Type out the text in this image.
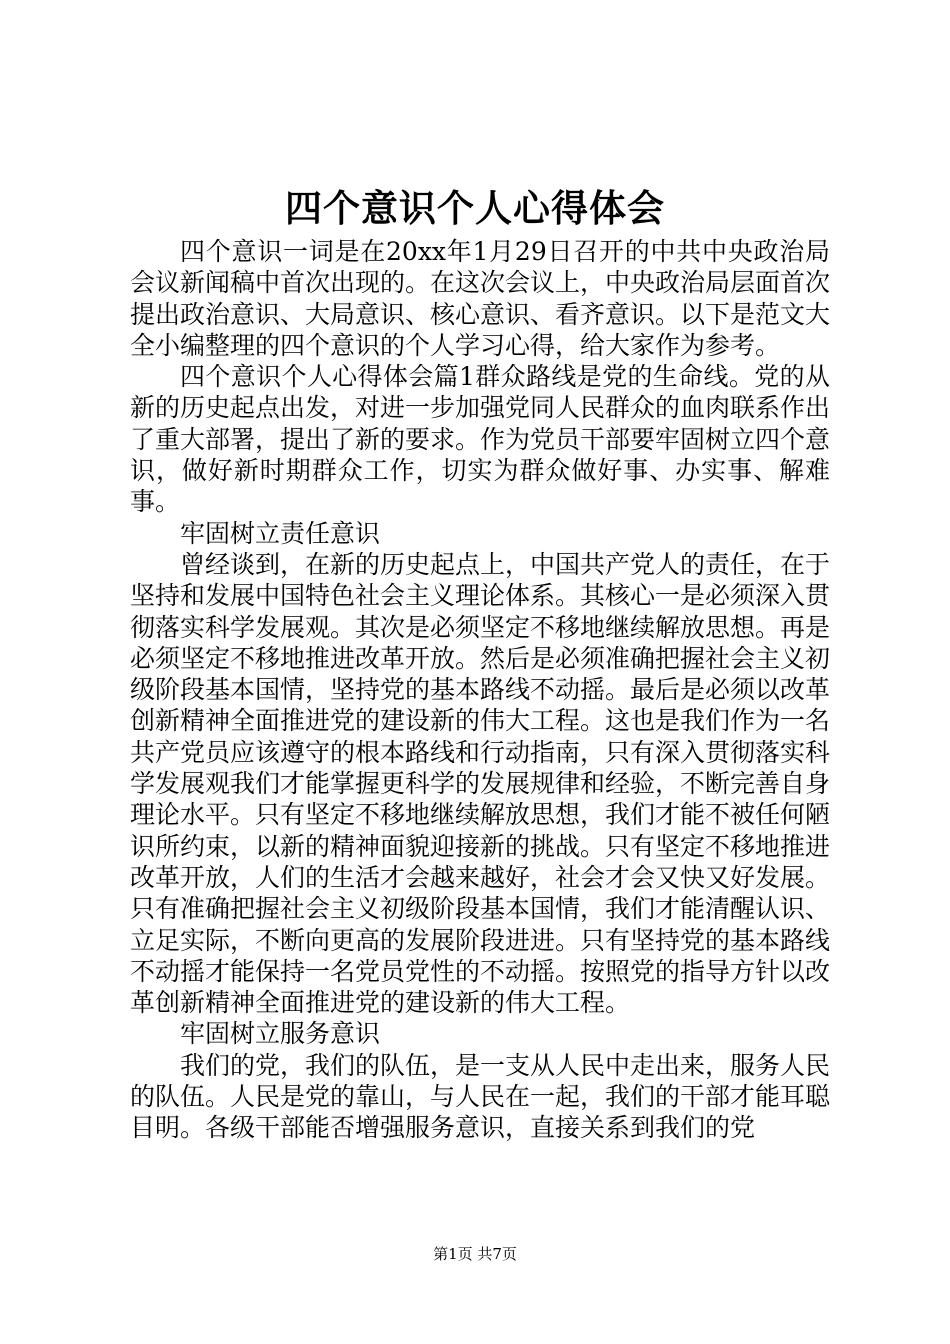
四个意识个人心得体会

四个意识一词是在20xx年1月29日召开的中共中央政治局会议新闻稿中首次出现的。在这次会议上，中央政治局层面首次提出政治意识、大局意识、核心意识、看齐意识。以下是范文大全小编整理的四个意识的个人学习心得，给大家作为参考。

四个意识个人心得体会篇1群众路线是党的生命线。党的从新的历史起点出发，对进一步加强党同人民群众的血肉联系作出了重大部署，提出了新的要求。作为党员干部要牢固树立四个意识，做好新时期群众工作，切实为群众做好事、办实事、解难事。

牢固树立责任意识

曾经谈到，在新的历史起点上，中国共产党人的责任，在于坚持和发展中国特色社会主义理论体系。其核心一是必须深入贯彻落实科学发展观。其次是必须坚定不移地继续解放思想。再是必须坚定不移地推进改革开放。然后是必须准确把握社会主义初级阶段基本国情，坚持党的基本路线不动摇。最后是必须以改革创新精神全面推进党的建设新的伟大工程。这也是我们作为一名共产党员应该遵守的根本路线和行动指南，只有深入贯彻落实科学发展观我们才能掌握更科学的发展规律和经验，不断完善自身理论水平。只有坚定不移地继续解放思想，我们才能不被任何陋识所约束，以新的精神面貌迎接新的挑战。只有坚定不移地推进改革开放，人们的生活才会越来越好，社会才会又快又好发展。只有准确把握社会主义初级阶段基本国情，我们才能清醒认识、立足实际，不断向更高的发展阶段进进。只有坚持党的基本路线不动摇才能保持一名党员党性的不动摇。按照党的指导方针以改革创新精神全面推进党的建设新的伟大工程。

牢固树立服务意识

我们的党，我们的队伍，是一支从人民中走出来，服务人民的队伍。人民是党的靠山，与人民在一起，我们的干部才能耳聪目明。各级干部能否增强服务意识，直接关系到我们的党

第1页 共7页
